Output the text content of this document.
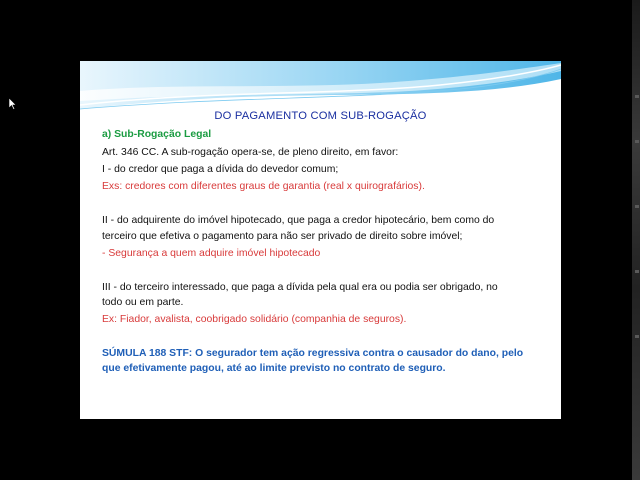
DO PAGAMENTO COM SUB-ROGAÇÃO
a) Sub-Rogação Legal
Art. 346 CC. A sub-rogação opera-se, de pleno direito, em favor:
I - do credor que paga a dívida do devedor comum;
Exs: credores com diferentes graus de garantia (real x quirografários).
II - do adquirente do imóvel hipotecado, que paga a credor hipotecário, bem como do
terceiro que efetiva o pagamento para não ser privado de direito sobre imóvel;
- Segurança a quem adquire imóvel hipotecado
III - do terceiro interessado, que paga a dívida pela qual era ou podia ser obrigado, no
todo ou em parte.
Ex: Fiador, avalista, coobrigado solidário (companhia de seguros).
SÚMULA 188 STF: O segurador tem ação regressiva contra o causador do dano, pelo
que efetivamente pagou, até ao limite previsto no contrato de seguro.
